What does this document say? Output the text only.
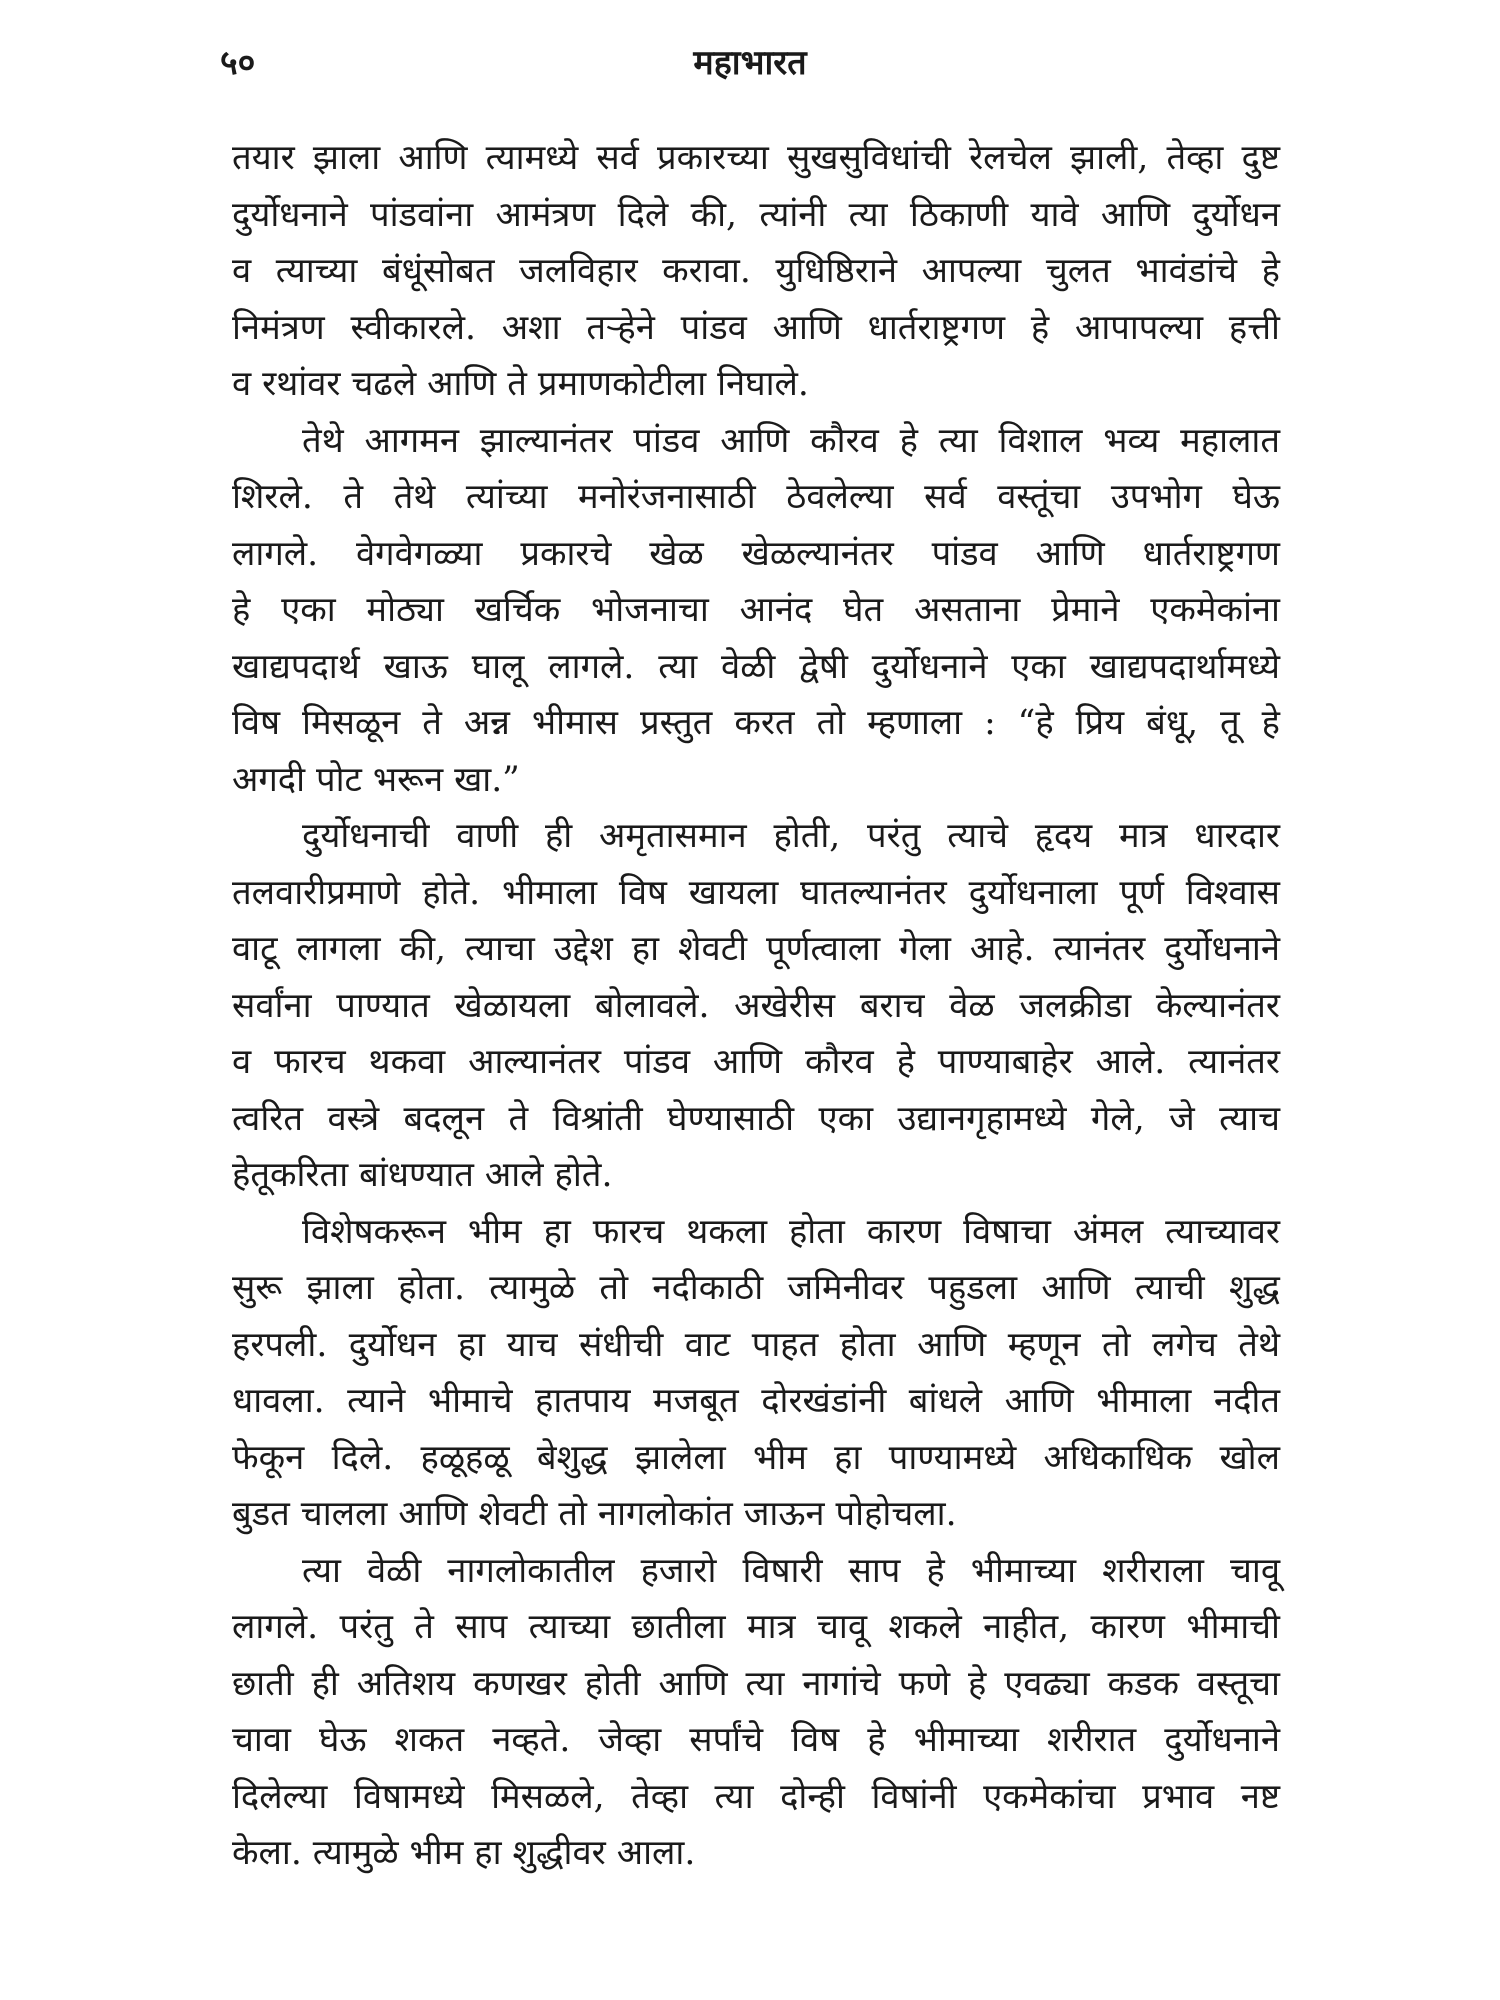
५०	महाभारत
तयार झाला आणि त्यामध्ये सर्व प्रकारच्या सुखसुविधांची रेलचेल झाली, तेव्हा दुष्ट
दुर्योधनाने पांडवांना आमंत्रण दिले की, त्यांनी त्या ठिकाणी यावे आणि दुर्योधन
व त्याच्या बंधूंसोबत जलविहार करावा. युधिष्ठिराने आपल्या चुलत भावंडांचे हे
निमंत्रण स्वीकारले. अशा तऱ्हेने पांडव आणि धार्तराष्ट्रगण हे आपापल्या हत्ती
व रथांवर चढले आणि ते प्रमाणकोटीला निघाले.
तेथे आगमन झाल्यानंतर पांडव आणि कौरव हे त्या विशाल भव्य महालात
शिरले. ते तेथे त्यांच्या मनोरंजनासाठी ठेवलेल्या सर्व वस्तूंचा उपभोग घेऊ
लागले. वेगवेगळ्या प्रकारचे खेळ खेळल्यानंतर पांडव आणि धार्तराष्ट्रगण
हे एका मोठ्या खर्चिक भोजनाचा आनंद घेत असताना प्रेमाने एकमेकांना
खाद्यपदार्थ खाऊ घालू लागले. त्या वेळी द्वेषी दुर्योधनाने एका खाद्यपदार्थामध्ये
विष मिसळून ते अन्न भीमास प्रस्तुत करत तो म्हणाला : “हे प्रिय बंधू, तू हे
अगदी पोट भरून खा.”
दुर्योधनाची वाणी ही अमृतासमान होती, परंतु त्याचे हृदय मात्र धारदार
तलवारीप्रमाणे होते. भीमाला विष खायला घातल्यानंतर दुर्योधनाला पूर्ण विश्वास
वाटू लागला की, त्याचा उद्देश हा शेवटी पूर्णत्वाला गेला आहे. त्यानंतर दुर्योधनाने
सर्वांना पाण्यात खेळायला बोलावले. अखेरीस बराच वेळ जलक्रीडा केल्यानंतर
व फारच थकवा आल्यानंतर पांडव आणि कौरव हे पाण्याबाहेर आले. त्यानंतर
त्वरित वस्त्रे बदलून ते विश्रांती घेण्यासाठी एका उद्यानगृहामध्ये गेले, जे त्याच
हेतूकरिता बांधण्यात आले होते.
विशेषकरून भीम हा फारच थकला होता कारण विषाचा अंमल त्याच्यावर
सुरू झाला होता. त्यामुळे तो नदीकाठी जमिनीवर पहुडला आणि त्याची शुद्ध
हरपली. दुर्योधन हा याच संधीची वाट पाहत होता आणि म्हणून तो लगेच तेथे
धावला. त्याने भीमाचे हातपाय मजबूत दोरखंडांनी बांधले आणि भीमाला नदीत
फेकून दिले. हळूहळू बेशुद्ध झालेला भीम हा पाण्यामध्ये अधिकाधिक खोल
बुडत चालला आणि शेवटी तो नागलोकांत जाऊन पोहोचला.
त्या वेळी नागलोकातील हजारो विषारी साप हे भीमाच्या शरीराला चावू
लागले. परंतु ते साप त्याच्या छातीला मात्र चावू शकले नाहीत, कारण भीमाची
छाती ही अतिशय कणखर होती आणि त्या नागांचे फणे हे एवढ्या कडक वस्तूचा
चावा घेऊ शकत नव्हते. जेव्हा सर्पांचे विष हे भीमाच्या शरीरात दुर्योधनाने
दिलेल्या विषामध्ये मिसळले, तेव्हा त्या दोन्ही विषांनी एकमेकांचा प्रभाव नष्ट
केला. त्यामुळे भीम हा शुद्धीवर आला.
